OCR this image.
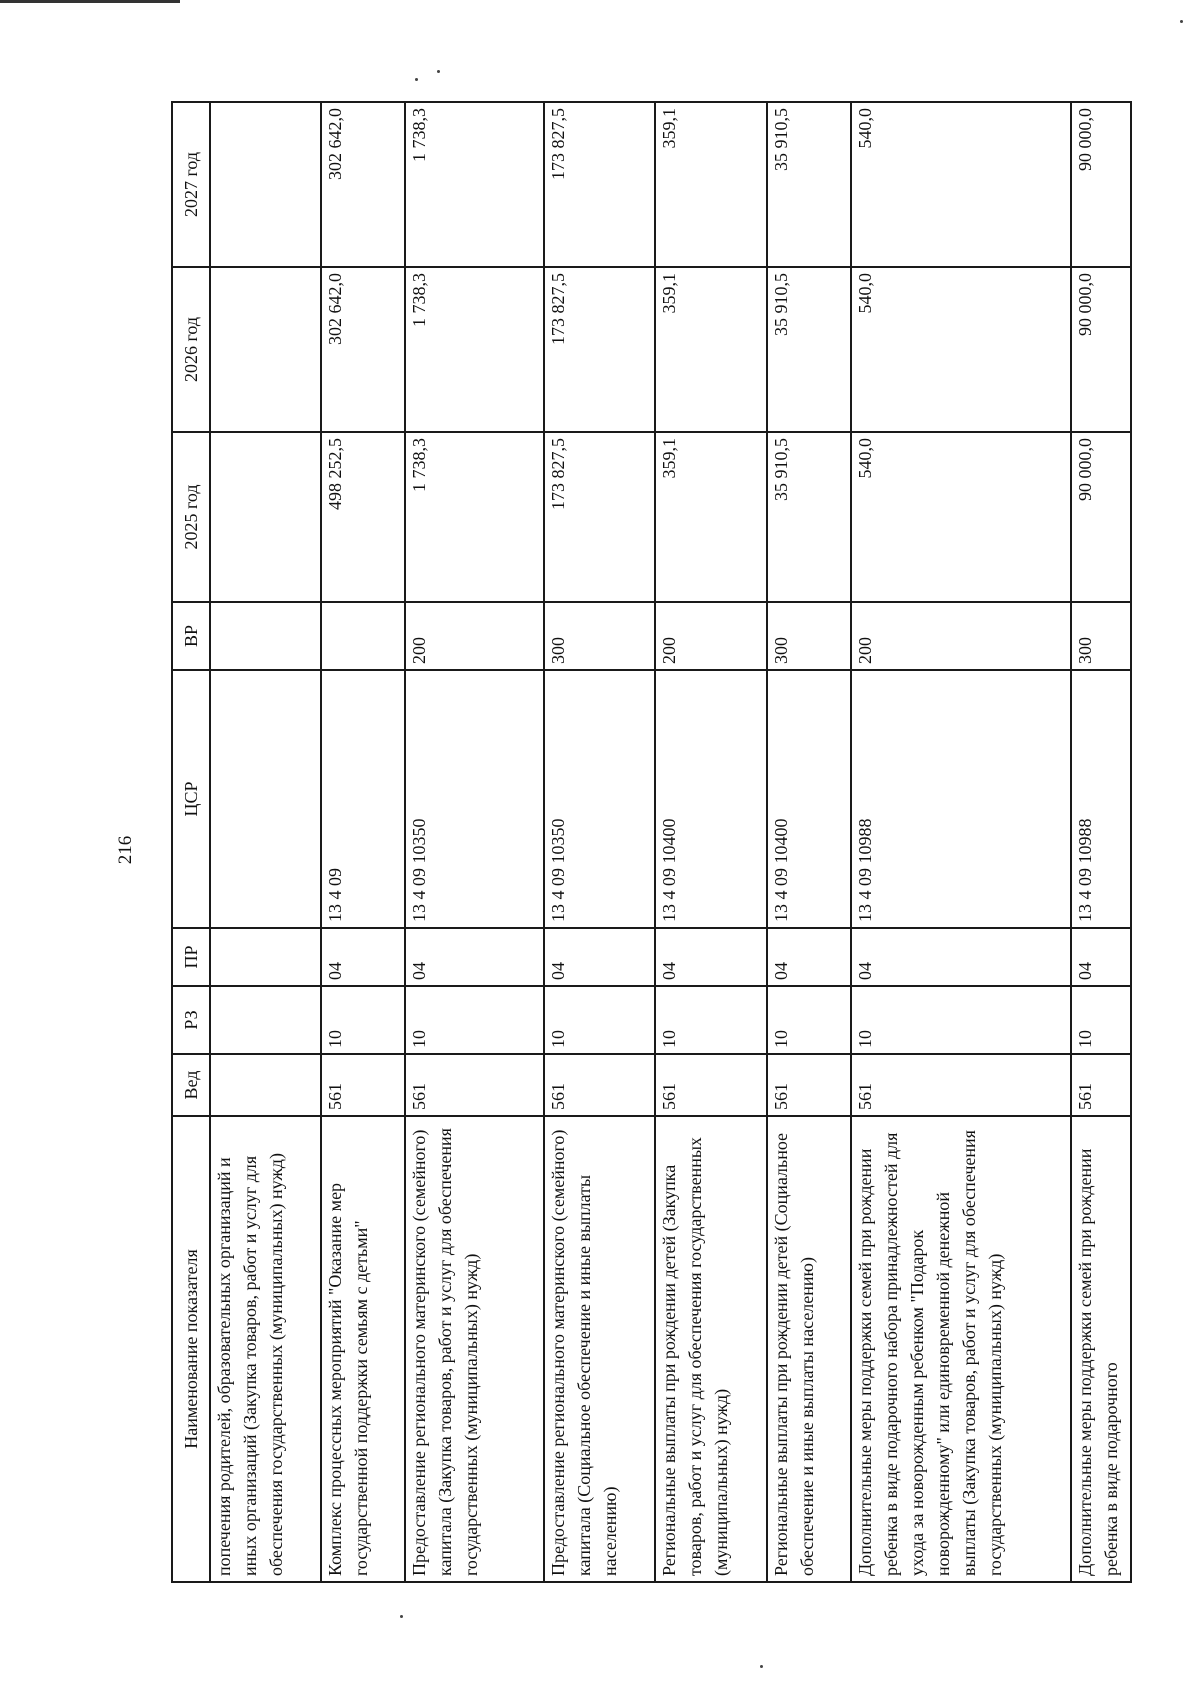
216
Наименование показателя	Вед	РЗ	ПР	ЦСР	ВР	2025 год	2026 год	2027 год
попечения родителей, образовательных организаций и иных организаций (Закупка товаров, работ и услуг для обеспечения государственных (муниципальных) нужд)								
Комплекс процессных мероприятий "Оказание мер государственной поддержки семьям с детьми"	561	10	04	13 4 09		498 252,5	302 642,0	302 642,0
Предоставление регионального материнского (семейного) капитала (Закупка товаров, работ и услуг для обеспечения государственных (муниципальных) нужд)	561	10	04	13 4 09 10350	200	1 738,3	1 738,3	1 738,3
Предоставление регионального материнского (семейного) капитала (Социальное обеспечение и иные выплаты населению)	561	10	04	13 4 09 10350	300	173 827,5	173 827,5	173 827,5
Региональные выплаты при рождении детей (Закупка товаров, работ и услуг для обеспечения государственных (муниципальных) нужд)	561	10	04	13 4 09 10400	200	359,1	359,1	359,1
Региональные выплаты при рождении детей (Социальное обеспечение и иные выплаты населению)	561	10	04	13 4 09 10400	300	35 910,5	35 910,5	35 910,5
Дополнительные меры поддержки семей при рождении ребенка в виде подарочного набора принадлежностей для ухода за новорожденным ребенком "Подарок новорожденному" или единовременной денежной выплаты (Закупка товаров, работ и услуг для обеспечения государственных (муниципальных) нужд)	561	10	04	13 4 09 10988	200	540,0	540,0	540,0
Дополнительные меры поддержки семей при рождении ребенка в виде подарочного	561	10	04	13 4 09 10988	300	90 000,0	90 000,0	90 000,0
